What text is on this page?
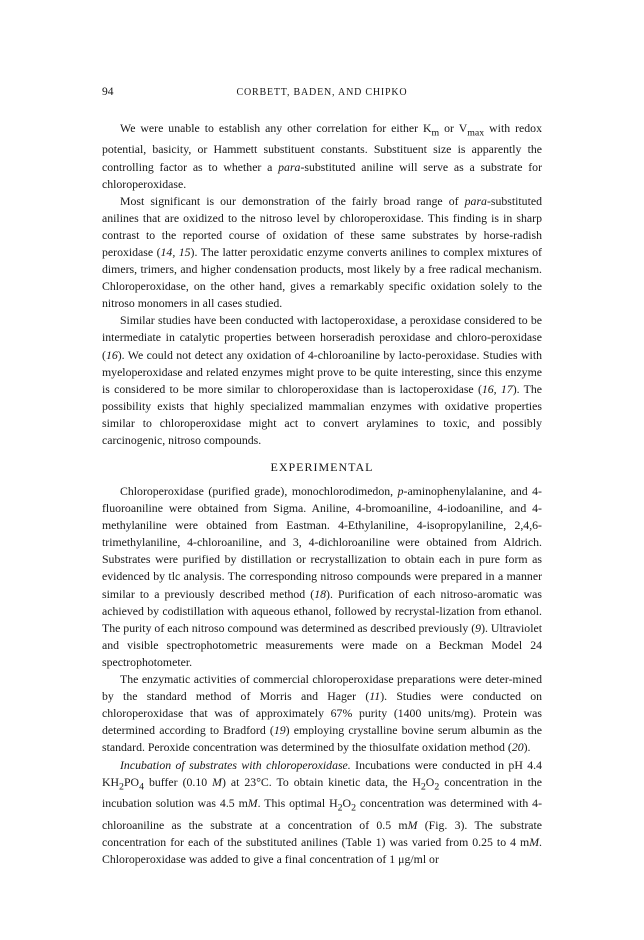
94	CORBETT, BADEN, AND CHIPKO

We were unable to establish any other correlation for either $K_m$ or $V_{max}$ with redox potential, basicity, or Hammett substituent constants. Substituent size is apparently the controlling factor as to whether a para-substituted aniline will serve as a substrate for chloroperoxidase.

Most significant is our demonstration of the fairly broad range of para-substituted anilines that are oxidized to the nitroso level by chloroperoxidase. This finding is in sharp contrast to the reported course of oxidation of these same substrates by horse-radish peroxidase (14, 15). The latter peroxidatic enzyme converts anilines to complex mixtures of dimers, trimers, and higher condensation products, most likely by a free radical mechanism. Chloroperoxidase, on the other hand, gives a remarkably specific oxidation solely to the nitroso monomers in all cases studied.

Similar studies have been conducted with lactoperoxidase, a peroxidase considered to be intermediate in catalytic properties between horseradish peroxidase and chloro-peroxidase (16). We could not detect any oxidation of 4-chloroaniline by lacto-peroxidase. Studies with myeloperoxidase and related enzymes might prove to be quite interesting, since this enzyme is considered to be more similar to chloroperoxidase than is lactoperoxidase (16, 17). The possibility exists that highly specialized mammalian enzymes with oxidative properties similar to chloroperoxidase might act to convert arylamines to toxic, and possibly carcinogenic, nitroso compounds.

EXPERIMENTAL

Chloroperoxidase (purified grade), monochlorodimedon, p-aminophenylalanine, and 4-fluoroaniline were obtained from Sigma. Aniline, 4-bromoaniline, 4-iodoaniline, and 4-methylaniline were obtained from Eastman. 4-Ethylaniline, 4-isopropylaniline, 2,4,6-trimethylaniline, 4-chloroaniline, and 3, 4-dichloroaniline were obtained from Aldrich. Substrates were purified by distillation or recrystallization to obtain each in pure form as evidenced by tlc analysis. The corresponding nitroso compounds were prepared in a manner similar to a previously described method (18). Purification of each nitroso-aromatic was achieved by codistillation with aqueous ethanol, followed by recrystal-lization from ethanol. The purity of each nitroso compound was determined as described previously (9). Ultraviolet and visible spectrophotometric measurements were made on a Beckman Model 24 spectrophotometer.

The enzymatic activities of commercial chloroperoxidase preparations were deter-mined by the standard method of Morris and Hager (11). Studies were conducted on chloroperoxidase that was of approximately 67% purity (1400 units/mg). Protein was determined according to Bradford (19) employing crystalline bovine serum albumin as the standard. Peroxide concentration was determined by the thiosulfate oxidation method (20).

Incubation of substrates with chloroperoxidase. Incubations were conducted in pH 4.4 $KH_2PO_4$ buffer (0.10 M) at 23°C. To obtain kinetic data, the $H_2O_2$ concentration in the incubation solution was 4.5 mM. This optimal $H_2O_2$ concentration was determined with 4-chloroaniline as the substrate at a concentration of 0.5 mM (Fig. 3). The substrate concentration for each of the substituted anilines (Table 1) was varied from 0.25 to 4 mM. Chloroperoxidase was added to give a final concentration of 1 μg/ml or
